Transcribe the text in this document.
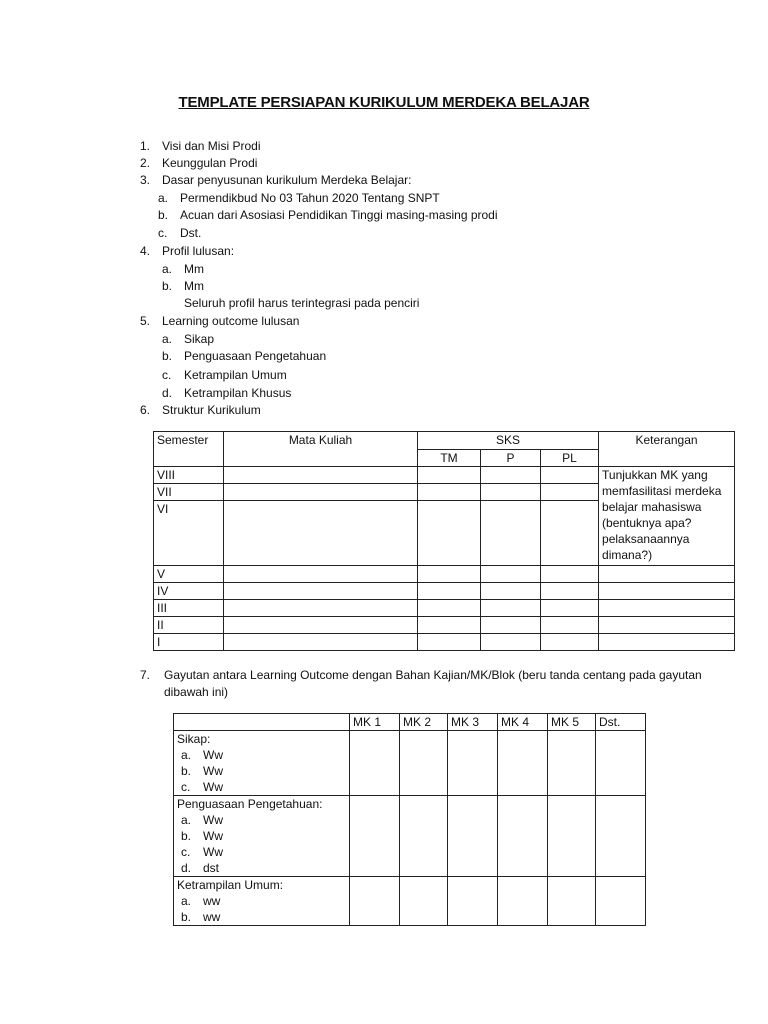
TEMPLATE PERSIAPAN KURIKULUM MERDEKA BELAJAR
1. Visi dan Misi Prodi
2. Keunggulan Prodi
3. Dasar penyusunan kurikulum Merdeka Belajar:
a. Permendikbud No 03 Tahun 2020 Tentang SNPT
b. Acuan dari Asosiasi Pendidikan Tinggi masing-masing prodi
c. Dst.
4. Profil lulusan:
a. Mm
b. Mm
Seluruh profil harus terintegrasi pada penciri
5. Learning outcome lulusan
a. Sikap
b. Penguasaan Pengetahuan
c. Ketrampilan Umum
d. Ketrampilan Khusus
6. Struktur Kurikulum
Semester	Mata Kuliah	SKS			Keterangan
		TM	P	PL	
VIII					Tunjukkan MK yang memfasilitasi merdeka belajar mahasiswa (bentuknya apa? pelaksanaannya dimana?)
VII					
VI					
V					
IV					
III					
II					
I					
7. Gayutan antara Learning Outcome dengan Bahan Kajian/MK/Blok (beru tanda centang pada gayutan dibawah ini)
	MK 1	MK 2	MK 3	MK 4	MK 5	Dst.
Sikap:
a. Ww
b. Ww
c. Ww						

Penguasaan Pengetahuan:
a. Ww
b. Ww
c. Ww
d. dst						

Ketrampilan Umum:
a. ww
b. ww						
